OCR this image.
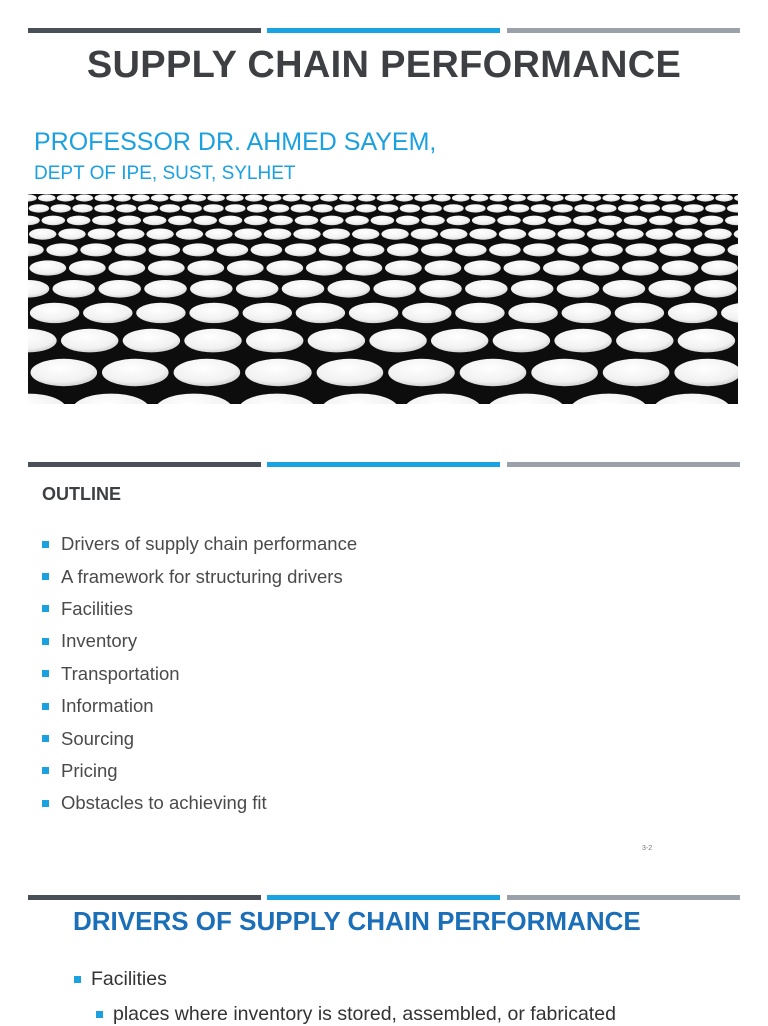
SUPPLY CHAIN PERFORMANCE
PROFESSOR DR. AHMED SAYEM,
DEPT OF IPE, SUST, SYLHET
OUTLINE
Drivers of supply chain performance
A framework for structuring drivers
Facilities
Inventory
Transportation
Information
Sourcing
Pricing
Obstacles to achieving fit
3-2
DRIVERS OF SUPPLY CHAIN PERFORMANCE
Facilities
places where inventory is stored, assembled, or fabricated
